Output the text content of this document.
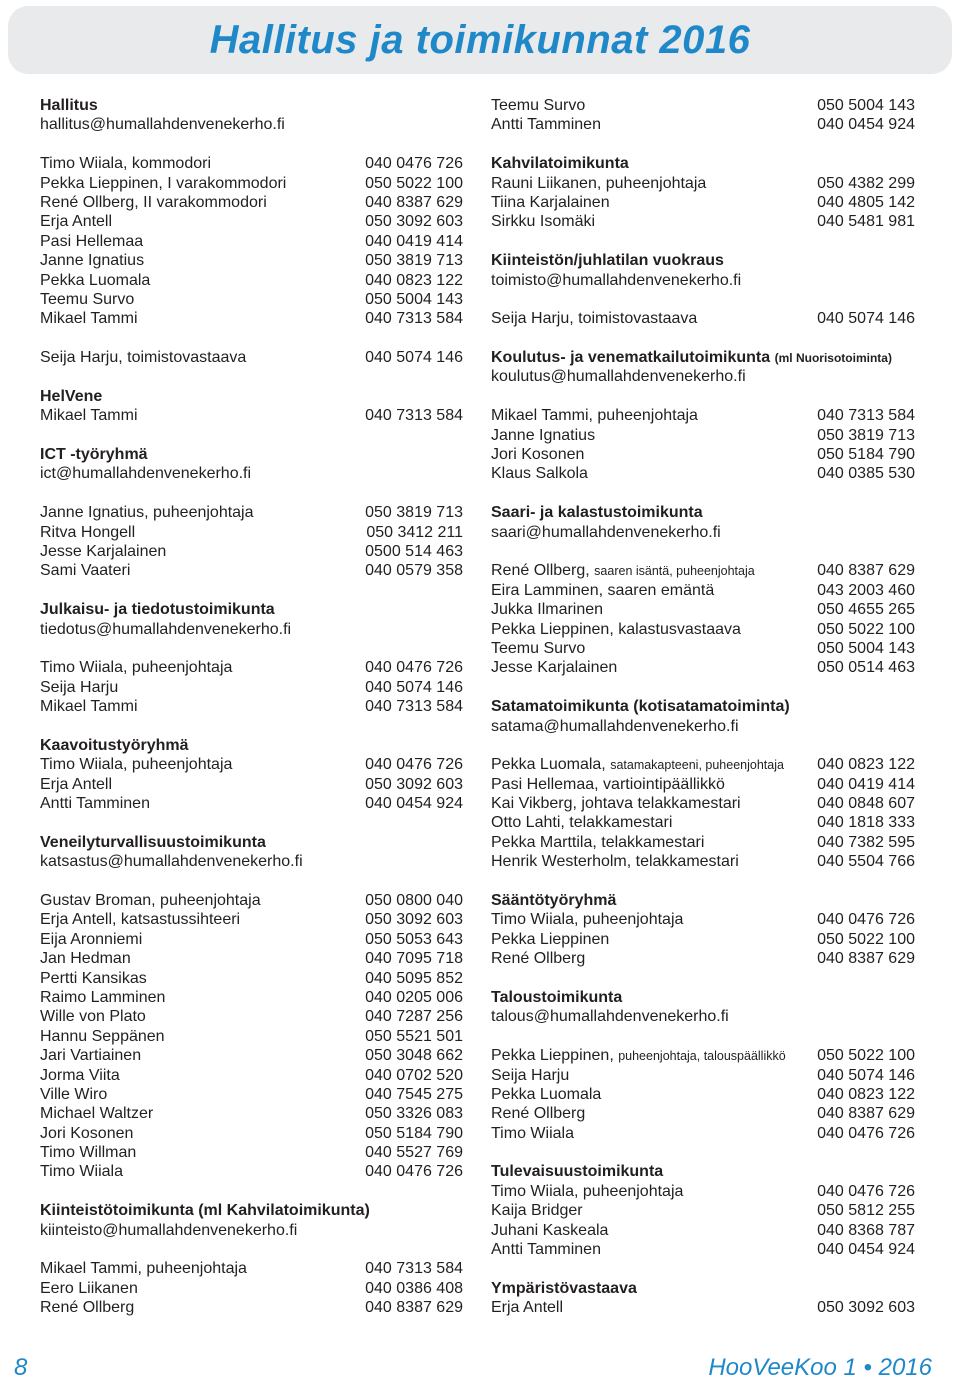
Hallitus ja toimikunnat 2016
Hallitus
hallitus@humallahdenvenekerho.fi
Timo Wiiala, kommodori	040 0476 726
Pekka Lieppinen, I varakommodori	050 5022 100
René Ollberg, II varakommodori	040 8387 629
Erja Antell	050 3092 603
Pasi Hellemaa	040 0419 414
Janne Ignatius	050 3819 713
Pekka Luomala	040 0823 122
Teemu Survo	050 5004 143
Mikael Tammi	040 7313 584
Seija Harju, toimistovastaava	040 5074 146
HelVene
Mikael Tammi	040 7313 584
ICT -työryhmä
ict@humallahdenvenekerho.fi
Janne Ignatius, puheenjohtaja	050 3819 713
Ritva Hongell	050 3412 211
Jesse Karjalainen	0500 514 463
Sami Vaateri	040 0579 358
Julkaisu- ja tiedotustoimikunta
tiedotus@humallahdenvenekerho.fi
Timo Wiiala, puheenjohtaja	040 0476 726
Seija Harju	040 5074 146
Mikael Tammi	040 7313 584
Kaavoitustyöryhmä
Timo Wiiala, puheenjohtaja	040 0476 726
Erja Antell	050 3092 603
Antti Tamminen	040 0454 924
Veneilyturvallisuustoimikunta
katsastus@humallahdenvenekerho.fi
Gustav Broman, puheenjohtaja	050 0800 040
Erja Antell, katsastussihteeri	050 3092 603
Eija Aronniemi	050 5053 643
Jan Hedman	040 7095 718
Pertti Kansikas	040 5095 852
Raimo Lamminen	040 0205 006
Wille von Plato	040 7287 256
Hannu Seppänen	050 5521 501
Jari Vartiainen	050 3048 662
Jorma Viita	040 0702 520
Ville Wiro	040 7545 275
Michael Waltzer	050 3326 083
Jori Kosonen	050 5184 790
Timo Willman	040 5527 769
Timo Wiiala	040 0476 726
Kiinteistötoimikunta (ml Kahvilatoimikunta)
kiinteisto@humallahdenvenekerho.fi
Mikael Tammi, puheenjohtaja	040 7313 584
Eero Liikanen	040 0386 408
René Ollberg	040 8387 629
Teemu Survo	050 5004 143
Antti Tamminen	040 0454 924
Kahvilatoimikunta
Rauni Liikanen, puheenjohtaja	050 4382 299
Tiina Karjalainen	040 4805 142
Sirkku Isomäki	040 5481 981
Kiinteistön/juhlatilan vuokraus
toimisto@humallahdenvenekerho.fi
Seija Harju, toimistovastaava	040 5074 146
Koulutus- ja venematkailutoimikunta (ml Nuorisotoiminta)
koulutus@humallahdenvenekerho.fi
Mikael Tammi, puheenjohtaja	040 7313 584
Janne Ignatius	050 3819 713
Jori Kosonen	050 5184 790
Klaus Salkola	040 0385 530
Saari- ja kalastustoimikunta
saari@humallahdenvenekerho.fi
René Ollberg, saaren isäntä, puheenjohtaja	040 8387 629
Eira Lamminen, saaren emäntä	043 2003 460
Jukka Ilmarinen	050 4655 265
Pekka Lieppinen, kalastusvastaava	050 5022 100
Teemu Survo	050 5004 143
Jesse Karjalainen	050 0514 463
Satamatoimikunta (kotisatamatoiminta)
satama@humallahdenvenekerho.fi
Pekka Luomala, satamakapteeni, puheenjohtaja 040 0823 122
Pasi Hellemaa, vartiointipäällikkö	040 0419 414
Kai Vikberg, johtava telakkamestari	040 0848 607
Otto Lahti, telakkamestari	040 1818 333
Pekka Marttila, telakkamestari	040 7382 595
Henrik Westerholm, telakkamestari	040 5504 766
Sääntötyöryhmä
Timo Wiiala, puheenjohtaja	040 0476 726
Pekka Lieppinen	050 5022 100
René Ollberg	040 8387 629
Taloustoimikunta
talous@humallahdenvenekerho.fi
Pekka Lieppinen, puheenjohtaja, talouspäällikkö 050 5022 100
Seija Harju	040 5074 146
Pekka Luomala	040 0823 122
René Ollberg	040 8387 629
Timo Wiiala	040 0476 726
Tulevaisuustoimikunta
Timo Wiiala, puheenjohtaja	040 0476 726
Kaija Bridger	050 5812 255
Juhani Kaskeala	040 8368 787
Antti Tamminen	040 0454 924
Ympäristövastaava
Erja Antell	050 3092 603
8	HooVeeKoo 1 • 2016
